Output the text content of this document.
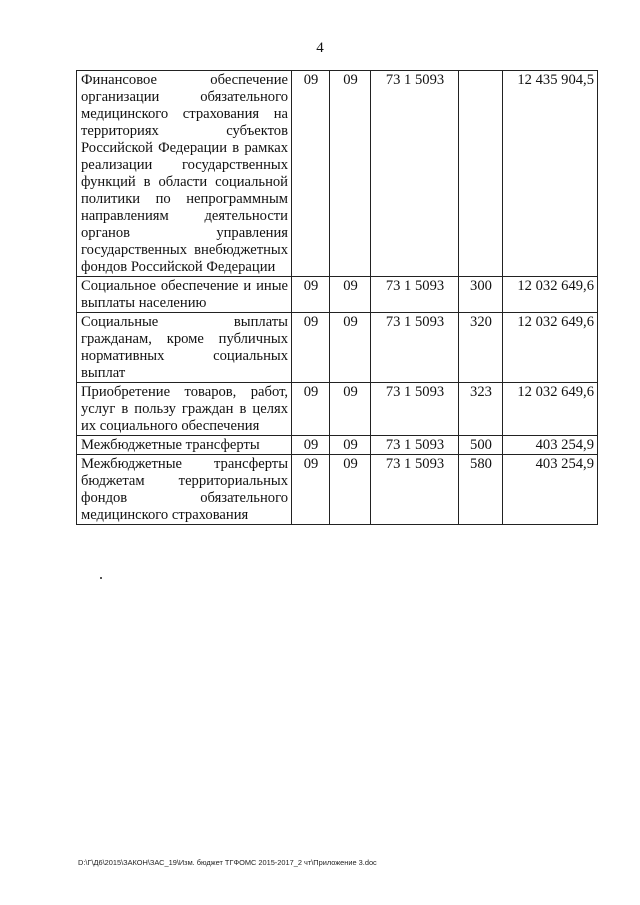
4
Финансовое обеспечение организации обязательного медицинского страхования на территориях субъектов Российской Федерации в рамках реализации государственных функций в области социальной политики по непрограммным направлениям деятельности органов управления государственных внебюджетных фондов Российской Федерации	09	09	73 1 5093		12 435 904,5
Социальное обеспечение и иные выплаты населению	09	09	73 1 5093	300	12 032 649,6
Социальные выплаты гражданам, кроме публичных нормативных социальных выплат	09	09	73 1 5093	320	12 032 649,6
Приобретение товаров, работ, услуг в пользу граждан в целях их социального обеспечения	09	09	73 1 5093	323	12 032 649,6
Межбюджетные трансферты	09	09	73 1 5093	500	403 254,9
Межбюджетные трансферты бюджетам территориальных фондов обязательного медицинского страхования	09	09	73 1 5093	580	403 254,9
D:\Г\Д6\2015\ЗАКОН\ЗАС_19\Изм. бюджет ТГФОМС 2015-2017_2 чт\Приложение 3.doc
